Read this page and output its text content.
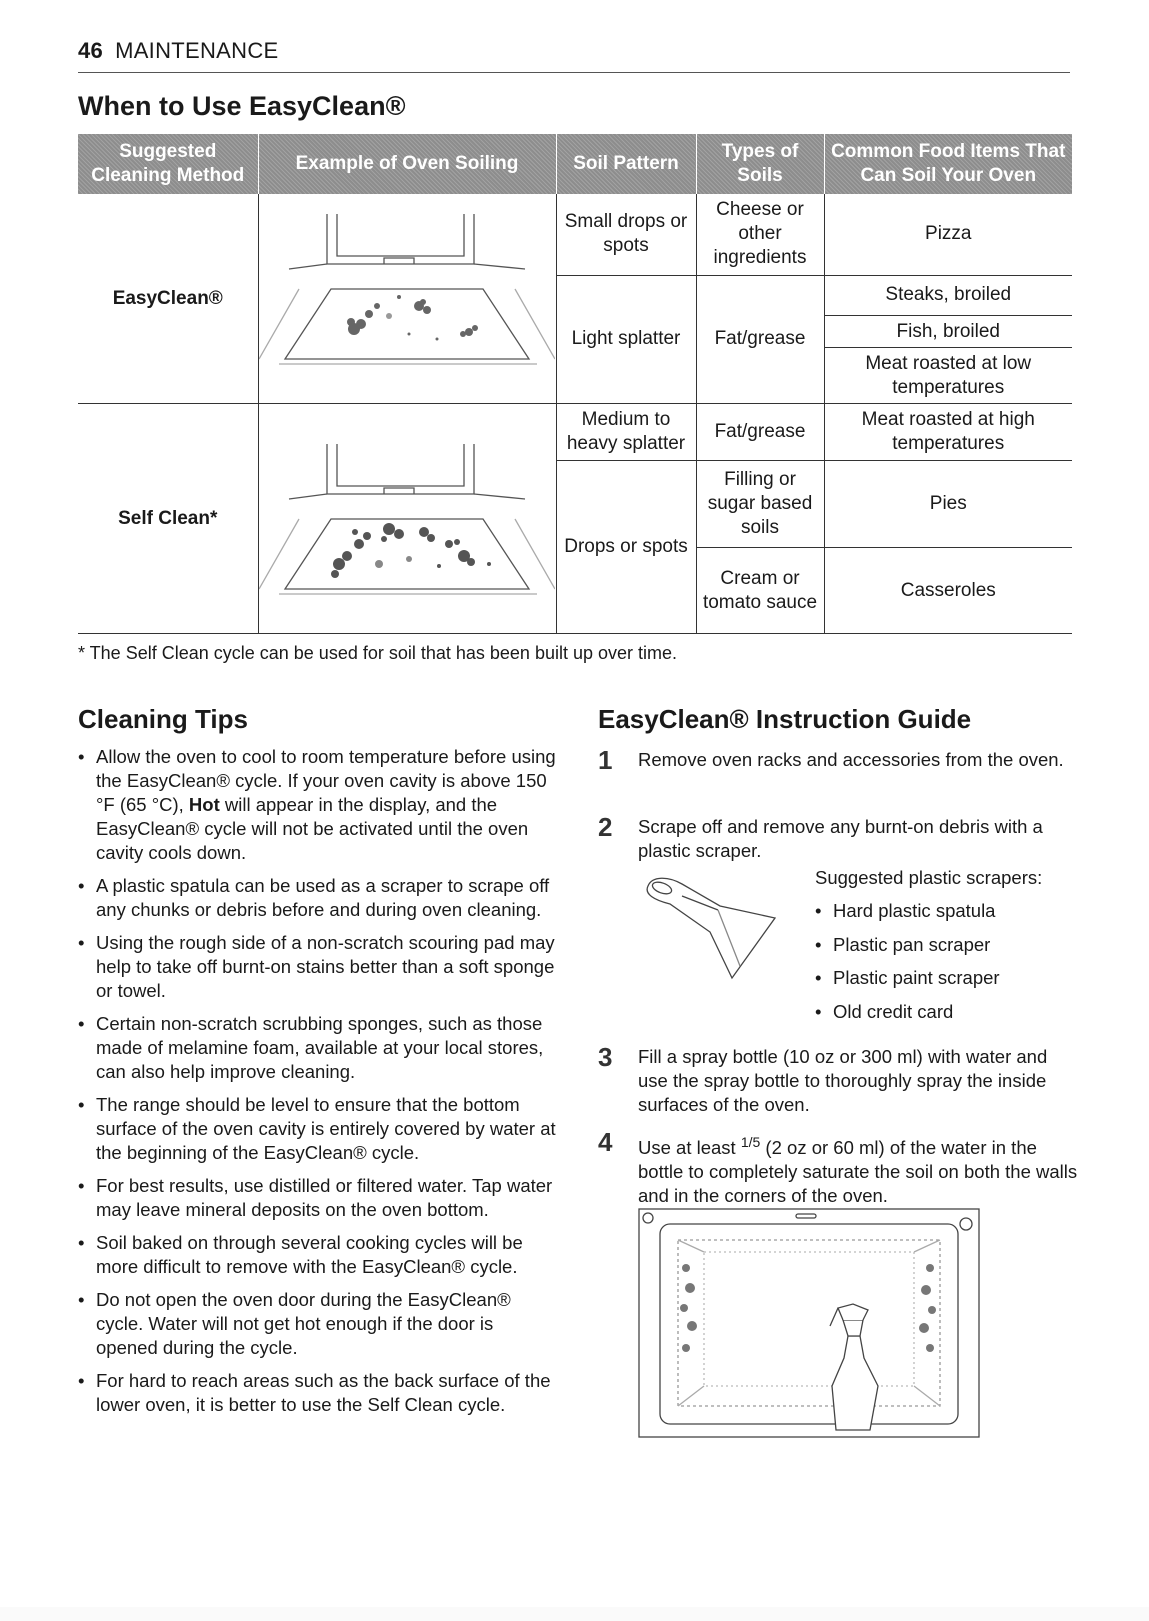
46 MAINTENANCE
When to Use EasyClean®
Suggested Cleaning Method	Example of Oven Soiling	Soil Pattern	Types of Soils	Common Food Items That Can Soil Your Oven
EasyClean®		Small drops or spots	Cheese or other ingredients	Pizza
		Light splatter	Fat/grease	Steaks, broiled
				Fish, broiled
				Meat roasted at low temperatures
Self Clean*		Medium to heavy splatter	Fat/grease	Meat roasted at high temperatures
		Drops or spots	Filling or sugar based soils	Pies
			Cream or tomato sauce	Casseroles
* The Self Clean cycle can be used for soil that has been built up over time.
Cleaning Tips
• Allow the oven to cool to room temperature before using the EasyClean® cycle. If your oven cavity is above 150 °F (65 °C), Hot will appear in the display, and the EasyClean® cycle will not be activated until the oven cavity cools down.
• A plastic spatula can be used as a scraper to scrape off any chunks or debris before and during oven cleaning.
• Using the rough side of a non-scratch scouring pad may help to take off burnt-on stains better than a soft sponge or towel.
• Certain non-scratch scrubbing sponges, such as those made of melamine foam, available at your local stores, can also help improve cleaning.
• The range should be level to ensure that the bottom surface of the oven cavity is entirely covered by water at the beginning of the EasyClean® cycle.
• For best results, use distilled or filtered water. Tap water may leave mineral deposits on the oven bottom.
• Soil baked on through several cooking cycles will be more difficult to remove with the EasyClean® cycle.
• Do not open the oven door during the EasyClean® cycle. Water will not get hot enough if the door is opened during the cycle.
• For hard to reach areas such as the back surface of the lower oven, it is better to use the Self Clean cycle.
EasyClean® Instruction Guide
1 Remove oven racks and accessories from the oven.
2 Scrape off and remove any burnt-on debris with a plastic scraper.
Suggested plastic scrapers:
• Hard plastic spatula
• Plastic pan scraper
• Plastic paint scraper
• Old credit card
3 Fill a spray bottle (10 oz or 300 ml) with water and use the spray bottle to thoroughly spray the inside surfaces of the oven.
4 Use at least $^{1/5}$ (2 oz or 60 ml) of the water in the bottle to completely saturate the soil on both the walls and in the corners of the oven.
